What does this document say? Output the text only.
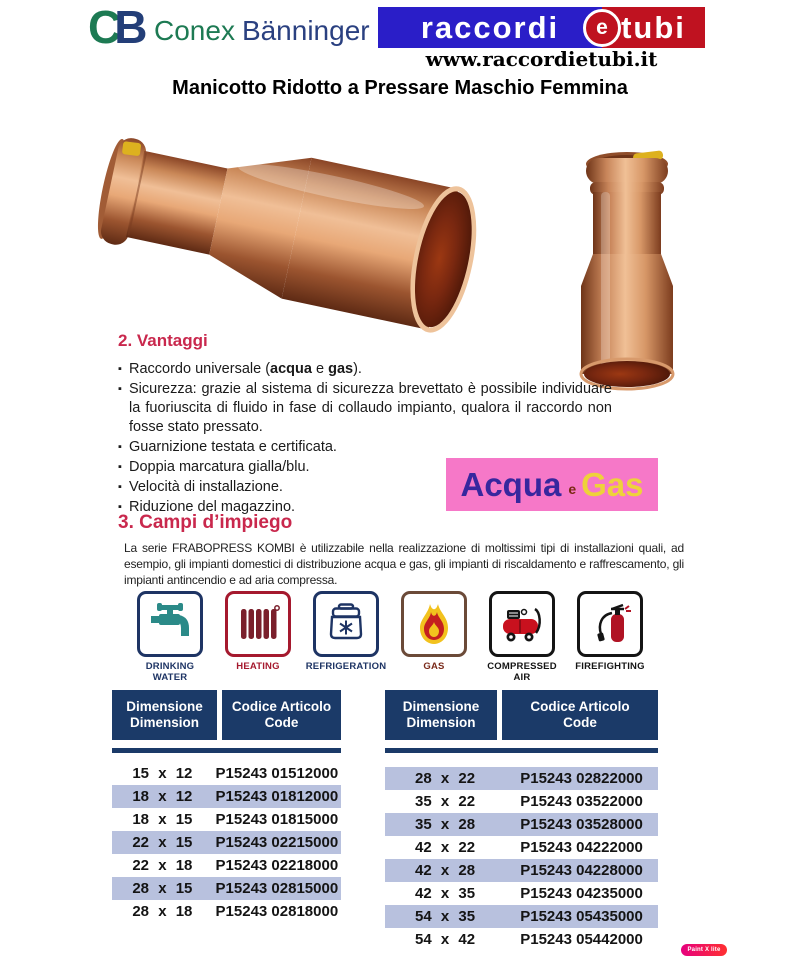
CB Conex Bänninger	raccordi	tubi
e
www.raccordietubi.it
Manicotto Ridotto a Pressare Maschio Femmina
2. Vantaggi
▪ Raccordo universale (acqua e gas).
▪ Sicurezza: grazie al sistema di sicurezza brevettato è possibile individuare la fuoriuscita di fluido in fase di collaudo impianto, qualora il raccordo non fosse stato pressato.
▪ Guarnizione testata e certificata.
▪ Doppia marcatura gialla/blu.
▪ Velocità di installazione.
▪ Riduzione del magazzino.
Acqua e Gas
3. Campi d’impiego
La serie FRABOPRESS KOMBI è utilizzabile nella realizzazione di moltissimi tipi di installazioni quali, ad esempio, gli impianti domestici di distribuzione acqua e gas, gli impianti di riscaldamento e raffrescamento, gli impianti antincendio e ad aria compressa.
DRINKING
WATER
HEATING	REFRIGERATION	GAS	COMPRESSED
AIR
FIREFIGHTING
Dimensione
Dimension
Codice Articolo
Code
15 x 12	P15243 01512000
18 x 12	P15243 01812000
18 x 15	P15243 01815000
22 x 15	P15243 02215000
22 x 18	P15243 02218000
28 x 15	P15243 02815000
28 x 18	P15243 02818000
Dimensione
Dimension
Codice Articolo
Code
28 x 22	P15243 02822000
35 x 22	P15243 03522000
35 x 28	P15243 03528000
42 x 22	P15243 04222000
42 x 28	P15243 04228000
42 x 35	P15243 04235000
54 x 35	P15243 05435000
54 x 42	P15243 05442000
Paint X lite
